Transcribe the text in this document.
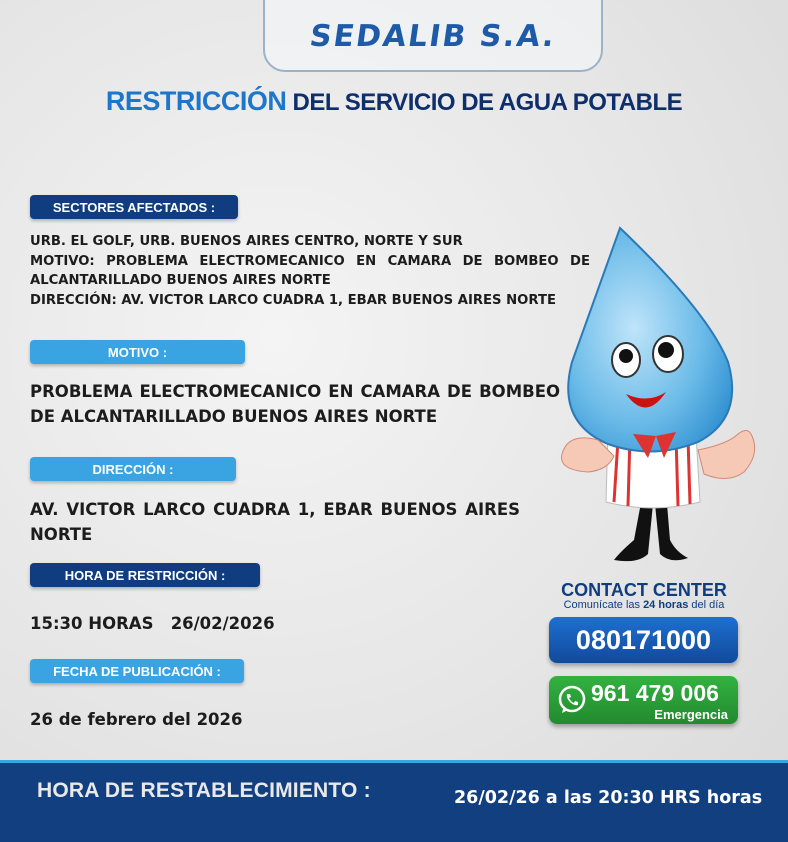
SEDALIB S.A.
RESTRICCIÓN DEL SERVICIO DE AGUA POTABLE
SECTORES AFECTADOS :
URB. EL GOLF, URB. BUENOS AIRES CENTRO, NORTE Y SUR
MOTIVO: PROBLEMA ELECTROMECANICO EN CAMARA DE BOMBEO DE ALCANTARILLADO BUENOS AIRES NORTE
DIRECCIÓN: AV. VICTOR LARCO CUADRA 1, EBAR BUENOS AIRES NORTE
MOTIVO :
PROBLEMA ELECTROMECANICO EN CAMARA DE BOMBEO DE ALCANTARILLADO BUENOS AIRES NORTE
DIRECCIÓN :
AV. VICTOR LARCO CUADRA 1, EBAR BUENOS AIRES NORTE
HORA DE RESTRICCIÓN :
15:30 HORAS   26/02/2026
FECHA DE PUBLICACIÓN :
26 de febrero del 2026
CONTACT CENTER
Comunícate las 24 horas del día
080171000
961 479 006
Emergencia
HORA DE RESTABLECIMIENTO :	26/02/26 a las 20:30 HRS horas
